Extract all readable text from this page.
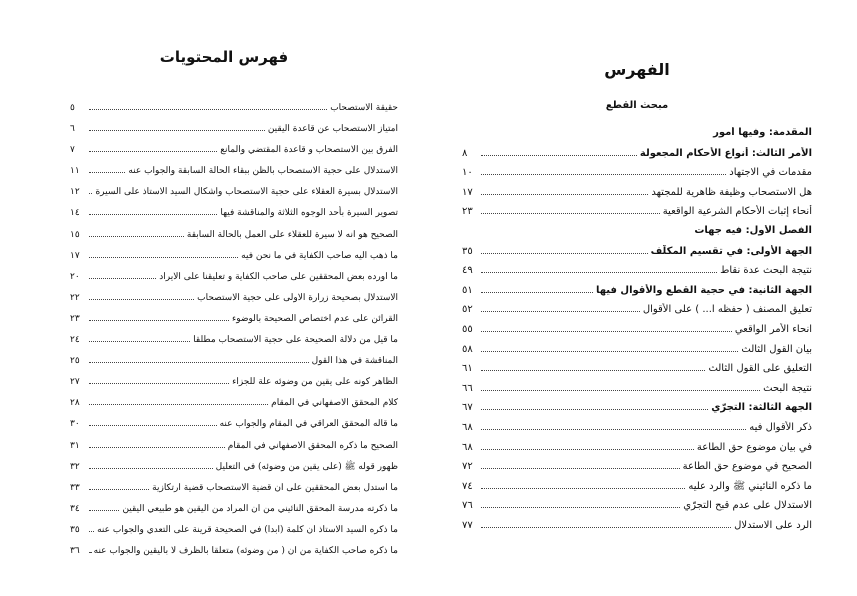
فهرس المحتويات
حقيقة الاستصحاب
٥
امتياز الاستصحاب عن قاعدة اليقين
٦
الفرق بين الاستصحاب و قاعدة المقتضي والمانع
٧
الاستدلال على حجية الاستصحاب بالظن ببقاء الحالة السابقة والجواب عنه
١١
الاستدلال بسيرة العقلاء على حجية الاستصحاب واشكال السيد الاستاذ على السيرة
١٢
تصوير السيرة بأحد الوجوه الثلاثة والمناقشة فيها
١٤
الصحيح هو انه لا سيرة للعقلاء على العمل بالحالة السابقة
١٥
ما ذهب اليه صاحب الكفاية في ما نحن فيه
١٧
ما اورده بعض المحققين على صاحب الكفاية و تعليقنا على الايراد
٢٠
الاستدلال بصحيحة زرارة الاولى على حجية الاستصحاب
٢٢
القرائن على عدم اختصاص الصحيحة بالوضوء
٢٣
ما قيل من دلالة الصحيحة على حجية الاستصحاب مطلقا
٢٤
المناقشة في هذا القول
٢٥
الظاهر كونه على يقين من وضوئه علة للجزاء
٢٧
كلام المحقق الاصفهاني في المقام
٢٨
ما قاله المحقق العراقي في المقام والجواب عنه
٣٠
الصحيح ما ذكره المحقق الاصفهاني في المقام
٣١
ظهور قوله ﷺ (على يقين من وضوئه) في التعليل
٣٢
ما استدل بعض المحققين على ان قضية الاستصحاب قضية ارتكازية
٣٣
ما ذكرته مدرسة المحقق النائيني من ان المراد من اليقين هو طبيعي اليقين
٣٤
ما ذكره السيد الاستاذ ان كلمة (ابدا) في الصحيحة قرينة على التعدي والجواب عنه
٣٥
ما ذكره صاحب الكفاية من ان ( من وضوئه) متعلقا بالظرف لا باليقين والجواب عنه
٣٦
الفهرس
مبحث القطع
المقدمة: وفيها أمور
الأمر الثالث: أنواع الأحكام المجعولة
٨
مقدمات في الاجتهاد
١٠
هل الاستصحاب وظيفة ظاهرية للمجتهد
١٧
أنحاء إثبات الأحكام الشرعية الواقعية
٢٣
الفصل الأول: فيه جهات
الجهة الأولى: في تقسيم المكلّف
٣٥
نتيجة البحث عدة نقاط
٤٩
الجهة الثانية: في حجية القطع والأقوال فيها
٥١
تعليق المصنف ( حفظه ا... ) على الأقوال
٥٢
انحاء الأمر الواقعي
٥٥
بيان القول الثالث
٥٨
التعليق على القول الثالث
٦١
نتيجة البحث
٦٦
الجهة الثالثة: التجرّي
٦٧
ذكر الأقوال فيه
٦٨
في بيان موضوع حق الطاعة
٦٨
الصحيح في موضوع حق الطاعة
٧٢
ما ذكره النائيني ﷺ والرد عليه
٧٤
الاستدلال على عدم قبح التجرّي
٧٦
الرد على الاستدلال
٧٧
